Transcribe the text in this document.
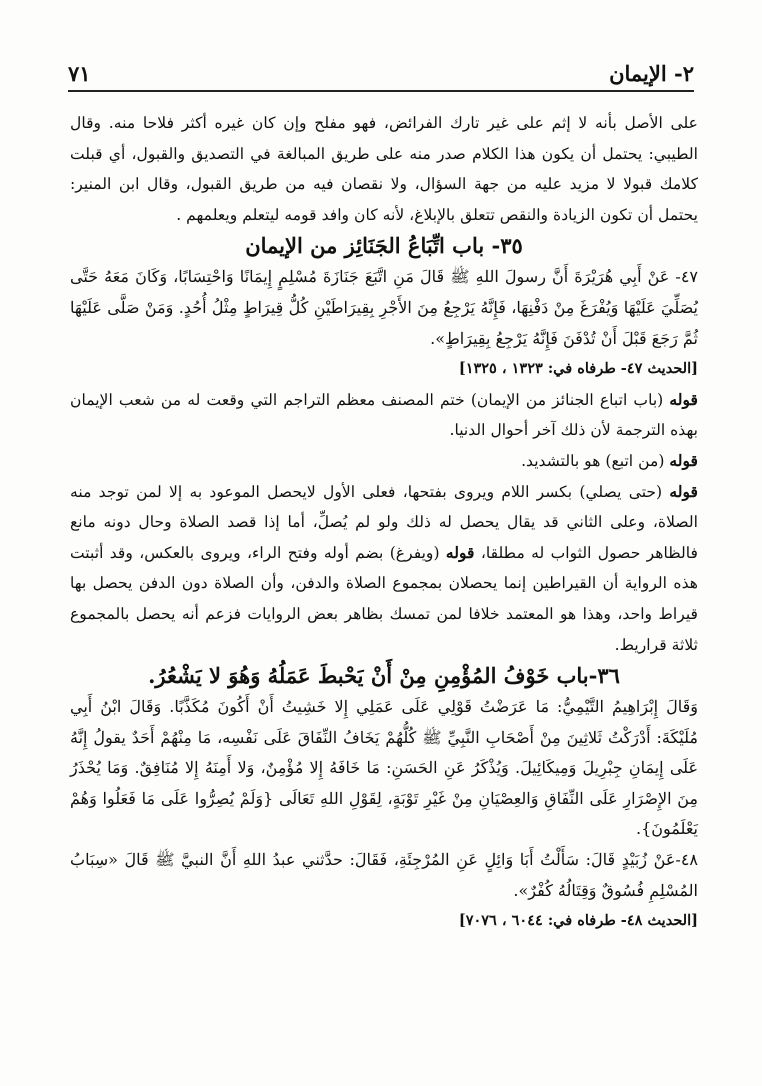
٧١	٢- الإيمان

على الأصل بأنه لا إثم على غير تارك الفرائض، فهو مفلح وإن كان غيره أكثر فلاحا منه. وقال الطيبي: يحتمل أن يكون هذا الكلام صدر منه على طريق المبالغة في التصديق والقبول، أي قبلت كلامك قبولا لا مزيد عليه من جهة السؤال، ولا نقصان فيه من طريق القبول، وقال ابن المنير: يحتمل أن تكون الزيادة والنقص تتعلق بالإبلاغ، لأنه كان وافد قومه ليتعلم ويعلمهم .

٣٥- باب اتِّبَاعُ الجَنَائِز من الإيمان

٤٧- عَنْ أَبِي هُرَيْرَةَ أَنَّ رسولَ اللهِ ﷺ قَالَ مَنِ اتَّبَعَ جَنَازَةَ مُسْلِمٍ إِيمَانًا وَاحْتِسَابًا، وَكَانَ مَعَهُ حَتَّى يُصَلِّيَ عَلَيْهَا وَيُفْرَغَ مِنْ دَفْنِهَا، فَإِنَّهُ يَرْجِعُ مِنَ الأَجْرِ بِقِيرَاطَيْنِ كُلُّ قِيرَاطٍ مِثْلُ أُحُدٍ. وَمَنْ صَلَّى عَلَيْهَا ثُمَّ رَجَعَ قَبْلَ أَنْ تُدْفَنَ فَإِنَّهُ يَرْجِعُ بِقِيرَاطٍ».

[الحديث ٤٧- طرفاه في: ١٣٢٣ ، ١٣٢٥]

قوله (باب اتباع الجنائز من الإيمان) ختم المصنف معظم التراجم التي وقعت له من شعب الإيمان بهذه الترجمة لأن ذلك آخر أحوال الدنيا.

قوله (من اتبع) هو بالتشديد.

قوله (حتى يصلي) بكسر اللام ويروى بفتحها، فعلى الأول لايحصل الموعود به إلا لمن توجد منه الصلاة، وعلى الثاني قد يقال يحصل له ذلك ولو لم يُصلِّ، أما إذا قصد الصلاة وحال دونه مانع فالظاهر حصول الثواب له مطلقا، قوله (ويفرغ) بضم أوله وفتح الراء، ويروى بالعكس، وقد أثبتت هذه الرواية أن القيراطين إنما يحصلان بمجموع الصلاة والدفن، وأن الصلاة دون الدفن يحصل بها قيراط واحد، وهذا هو المعتمد خلافا لمن تمسك بظاهر بعض الروايات فزعم أنه يحصل بالمجموع ثلاثة قراريط.

٣٦-باب خَوْفُ المُؤْمِنِ مِنْ أَنْ يَحْبطَ عَمَلُهُ وَهُوَ لا يَشْعُرُ.

وَقَالَ إِبْرَاهِيمُ التَّيْمِيُّ: مَا عَرَضْتُ قَوْلِي عَلَى عَمَلِي إِلا خَشِيتُ أَنْ أَكُونَ مُكَذَّبًا. وَقَالَ ابْنُ أَبِي مُلَيْكَةَ: أَدْرَكْتُ ثَلاثِينَ مِنْ أَصْحَابِ النَّبِيِّ ﷺ كُلُّهُمْ يَخَافُ النِّفَاقَ عَلَى نَفْسِه، مَا مِنْهُمْ أَحَدٌ يقولُ إِنَّهُ عَلَى إِيمَانِ جِبْرِيلَ وَمِيكَائِيلَ. وَيُذْكَرُ عَنِ الحَسَنِ: مَا خَافَهُ إِلا مُؤْمِنٌ، وَلا أَمِنَهُ إِلا مُنَافِقٌ. وَمَا يُحْذَرُ مِنَ الإِصْرَارِ عَلَى النِّفَاقِ وَالعِصْيَانِ مِنْ غَيْرِ تَوْبَةٍ، لِقَوْلِ اللهِ تَعَالَى {وَلَمْ يُصِرُّوا عَلَى مَا فَعَلُوا وَهُمْ يَعْلَمُونَ}.

٤٨-عَنْ زُبَيْدٍ قَالَ: سَأَلْتُ أَبَا وَائِلٍ عَنِ المُرْجِئَةِ، فَقَالَ: حدَّثني عبدُ اللهِ أَنَّ النبيَّ ﷺ قَالَ «سِبَابُ المُسْلِمِ فُسُوقٌ وَقِتَالُهُ كُفْرٌ».

[الحديث ٤٨- طرفاه في: ٦٠٤٤ ، ٧٠٧٦]
